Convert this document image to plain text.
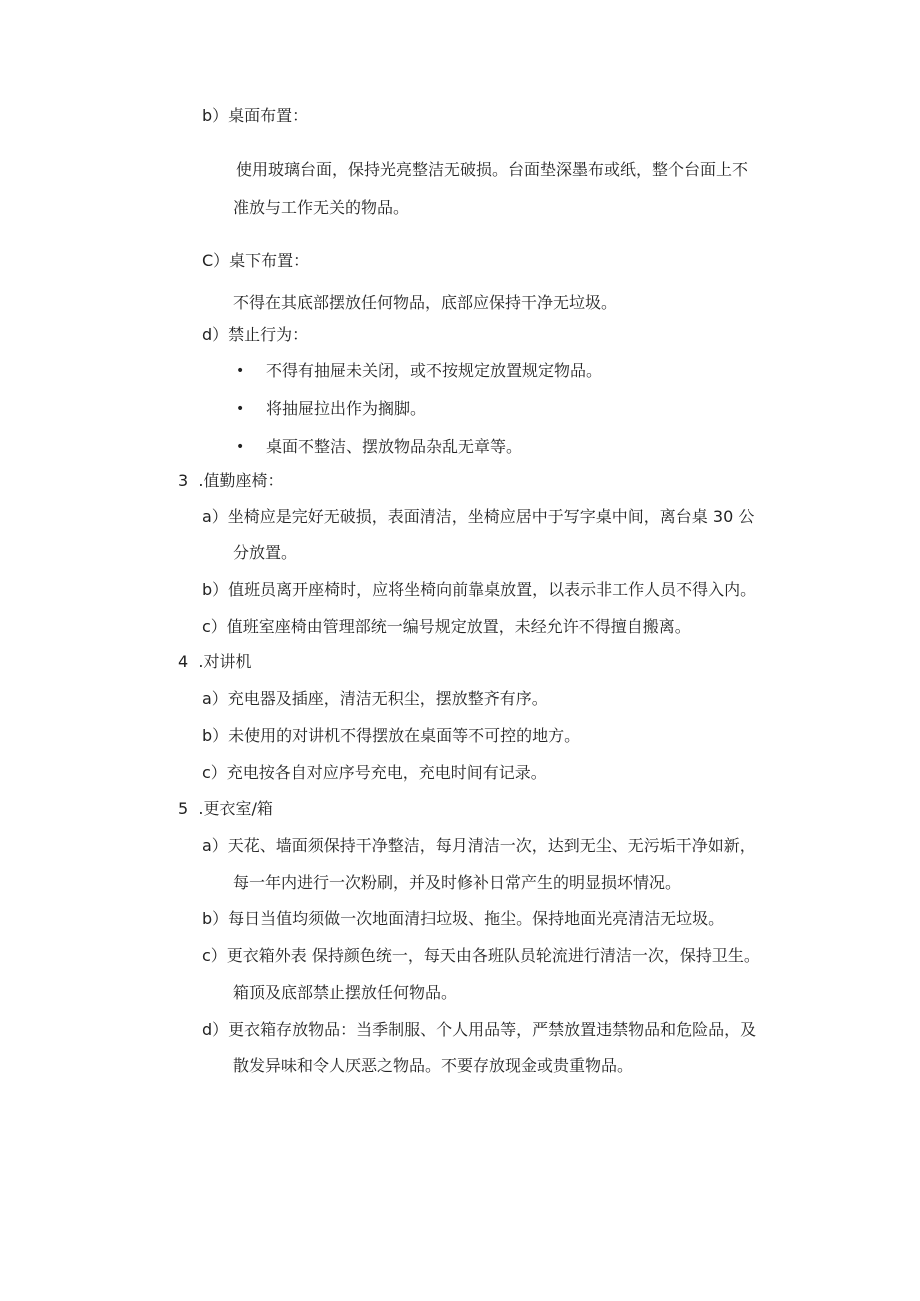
b）桌面布置：
使用玻璃台面，保持光亮整洁无破损。台面垫深墨布或纸，整个台面上不
准放与工作无关的物品。
C）桌下布置：
不得在其底部摆放任何物品，底部应保持干净无垃圾。
d）禁止行为：
• 不得有抽屉未关闭，或不按规定放置规定物品。
• 将抽屉拉出作为搁脚。
• 桌面不整洁、摆放物品杂乱无章等。
3  .值勤座椅：
a）坐椅应是完好无破损，表面清洁，坐椅应居中于写字桌中间，离台桌 30 公
分放置。
b）值班员离开座椅时，应将坐椅向前靠桌放置，以表示非工作人员不得入内。
c）值班室座椅由管理部统一编号规定放置，未经允许不得擅自搬离。
4  .对讲机
a）充电器及插座，清洁无积尘，摆放整齐有序。
b）未使用的对讲机不得摆放在桌面等不可控的地方。
c）充电按各自对应序号充电，充电时间有记录。
5  .更衣室/箱
a）天花、墙面须保持干净整洁，每月清洁一次，达到无尘、无污垢干净如新，
每一年内进行一次粉刷，并及时修补日常产生的明显损坏情况。
b）每日当值均须做一次地面清扫垃圾、拖尘。保持地面光亮清洁无垃圾。
c）更衣箱外表 保持颜色统一，每天由各班队员轮流进行清洁一次，保持卫生。
箱顶及底部禁止摆放任何物品。
d）更衣箱存放物品：当季制服、个人用品等，严禁放置违禁物品和危险品，及
散发异味和令人厌恶之物品。不要存放现金或贵重物品。
